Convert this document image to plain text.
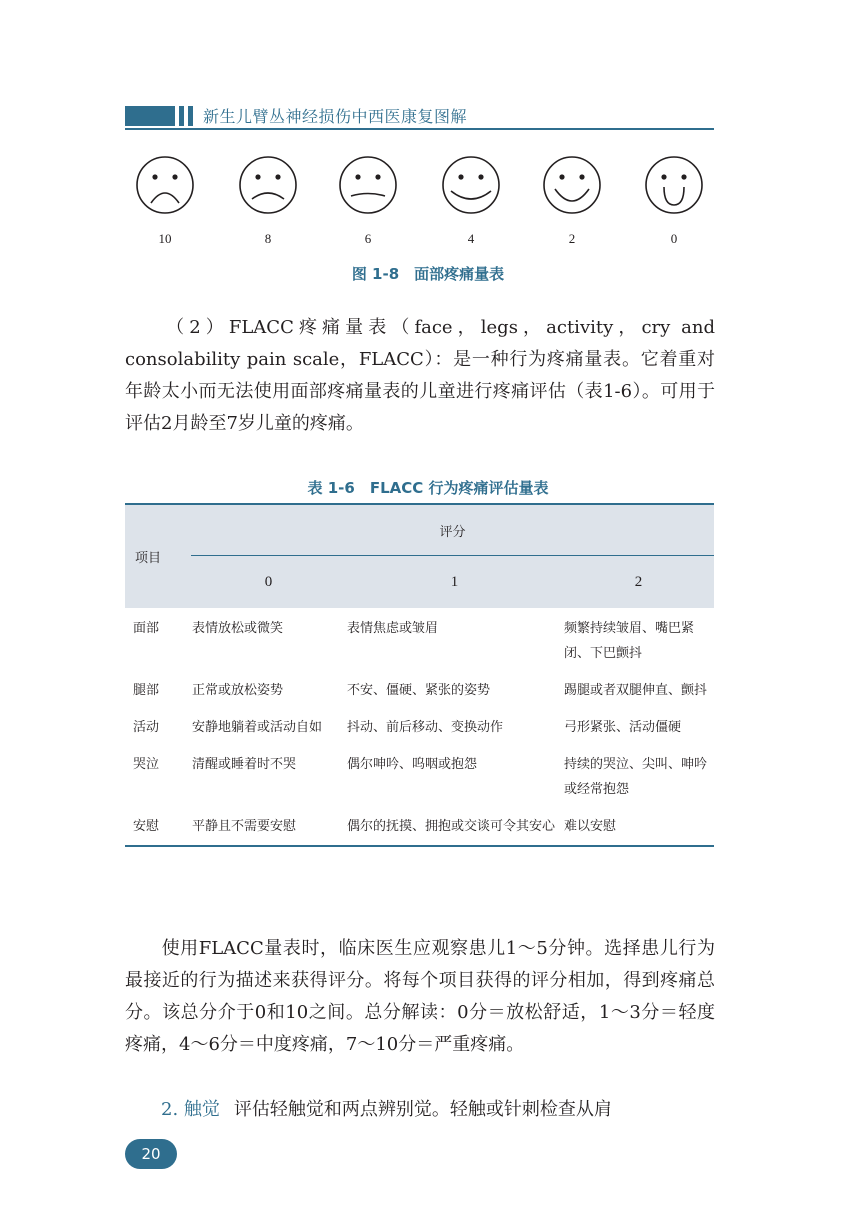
新生儿臂丛神经损伤中西医康复图解
10	8	6	4	2	0
图 1-8　面部疼痛量表
（2）FLACC疼痛量表（face，legs，activity，cry and consolability pain scale，FLACC）：是一种行为疼痛量表。它着重对年龄太小而无法使用面部疼痛量表的儿童进行疼痛评估（表1-6）。可用于评估2月龄至7岁儿童的疼痛。
表 1-6　FLACC 行为疼痛评估量表
项目	评分		
	0	1	2
面部	表情放松或微笑	表情焦虑或皱眉	频繁持续皱眉、嘴巴紧闭、下巴颤抖
腿部	正常或放松姿势	不安、僵硬、紧张的姿势	踢腿或者双腿伸直、颤抖
活动	安静地躺着或活动自如	抖动、前后移动、变换动作	弓形紧张、活动僵硬
哭泣	清醒或睡着时不哭	偶尔呻吟、呜咽或抱怨	持续的哭泣、尖叫、呻吟或经常抱怨
安慰	平静且不需要安慰	偶尔的抚摸、拥抱或交谈可令其安心	难以安慰
使用FLACC量表时，临床医生应观察患儿1～5分钟。选择患儿行为最接近的行为描述来获得评分。将每个项目获得的评分相加，得到疼痛总分。该总分介于0和10之间。总分解读：0分＝放松舒适，1～3分＝轻度疼痛，4～6分＝中度疼痛，7～10分＝严重疼痛。
2. 触觉 评估轻触觉和两点辨别觉。轻触或针刺检查从肩
20
